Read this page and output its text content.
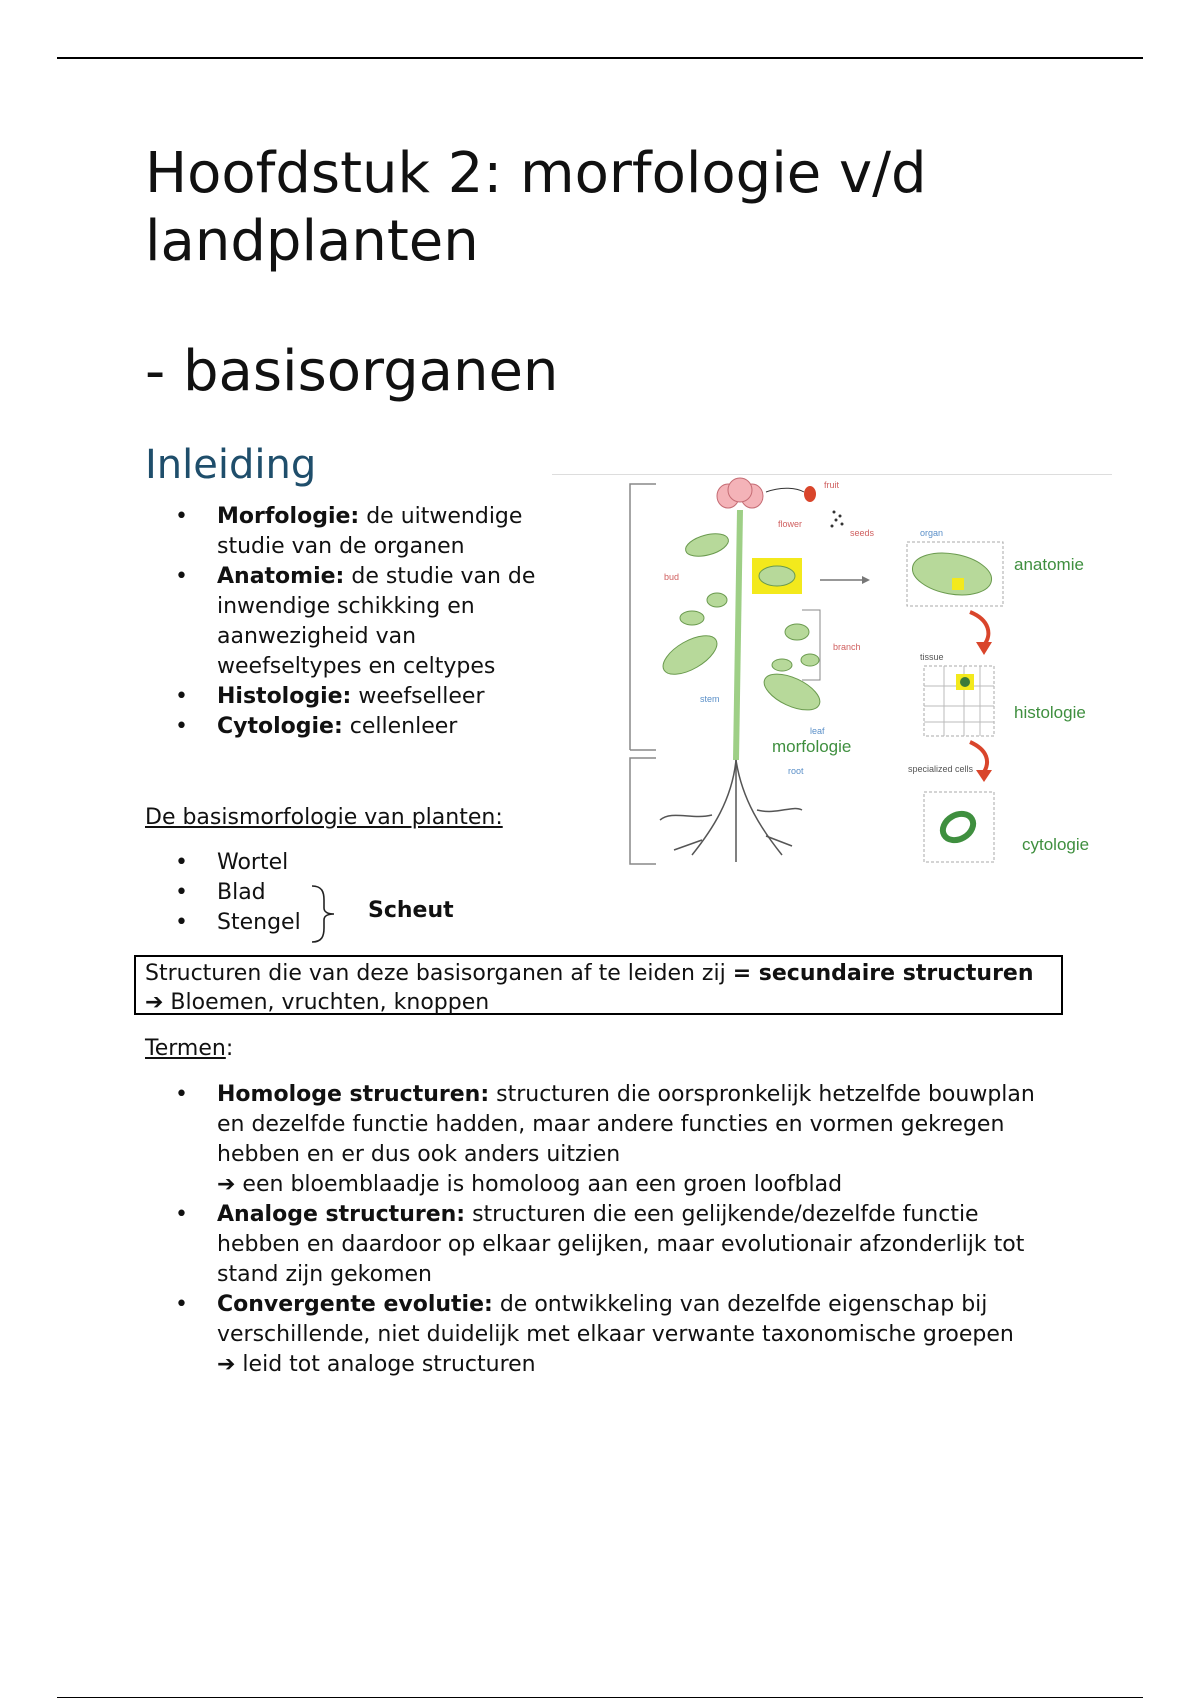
Hoofdstuk 2: morfologie v/d landplanten
- basisorganen
Inleiding
• Morfologie: de uitwendige studie van de organen
• Anatomie: de studie van de inwendige schikking en aanwezigheid van weefseltypes en celtypes
• Histologie: weefselleer
• Cytologie: cellenleer
fruit
flower
seeds
bud
branch
stem
leaf
root
organ
tissue
specialized cells
morfologie
anatomie
histologie
cytologie

De basismorfologie van planten:

• Wortel
• Blad
• Stengel	Scheut
Structuren die van deze basisorganen af te leiden zij = secundaire structuren
➔ Bloemen, vruchten, knoppen

Termen:

• Homologe structuren: structuren die oorspronkelijk hetzelfde bouwplan en dezelfde functie hadden, maar andere functies en vormen gekregen hebben en er dus ook anders uitzien
➔ een bloemblaadje is homoloog aan een groen loofblad
• Analoge structuren: structuren die een gelijkende/dezelfde functie hebben en daardoor op elkaar gelijken, maar evolutionair afzonderlijk tot stand zijn gekomen
• Convergente evolutie: de ontwikkeling van dezelfde eigenschap bij verschillende, niet duidelijk met elkaar verwante taxonomische groepen
➔ leid tot analoge structuren
